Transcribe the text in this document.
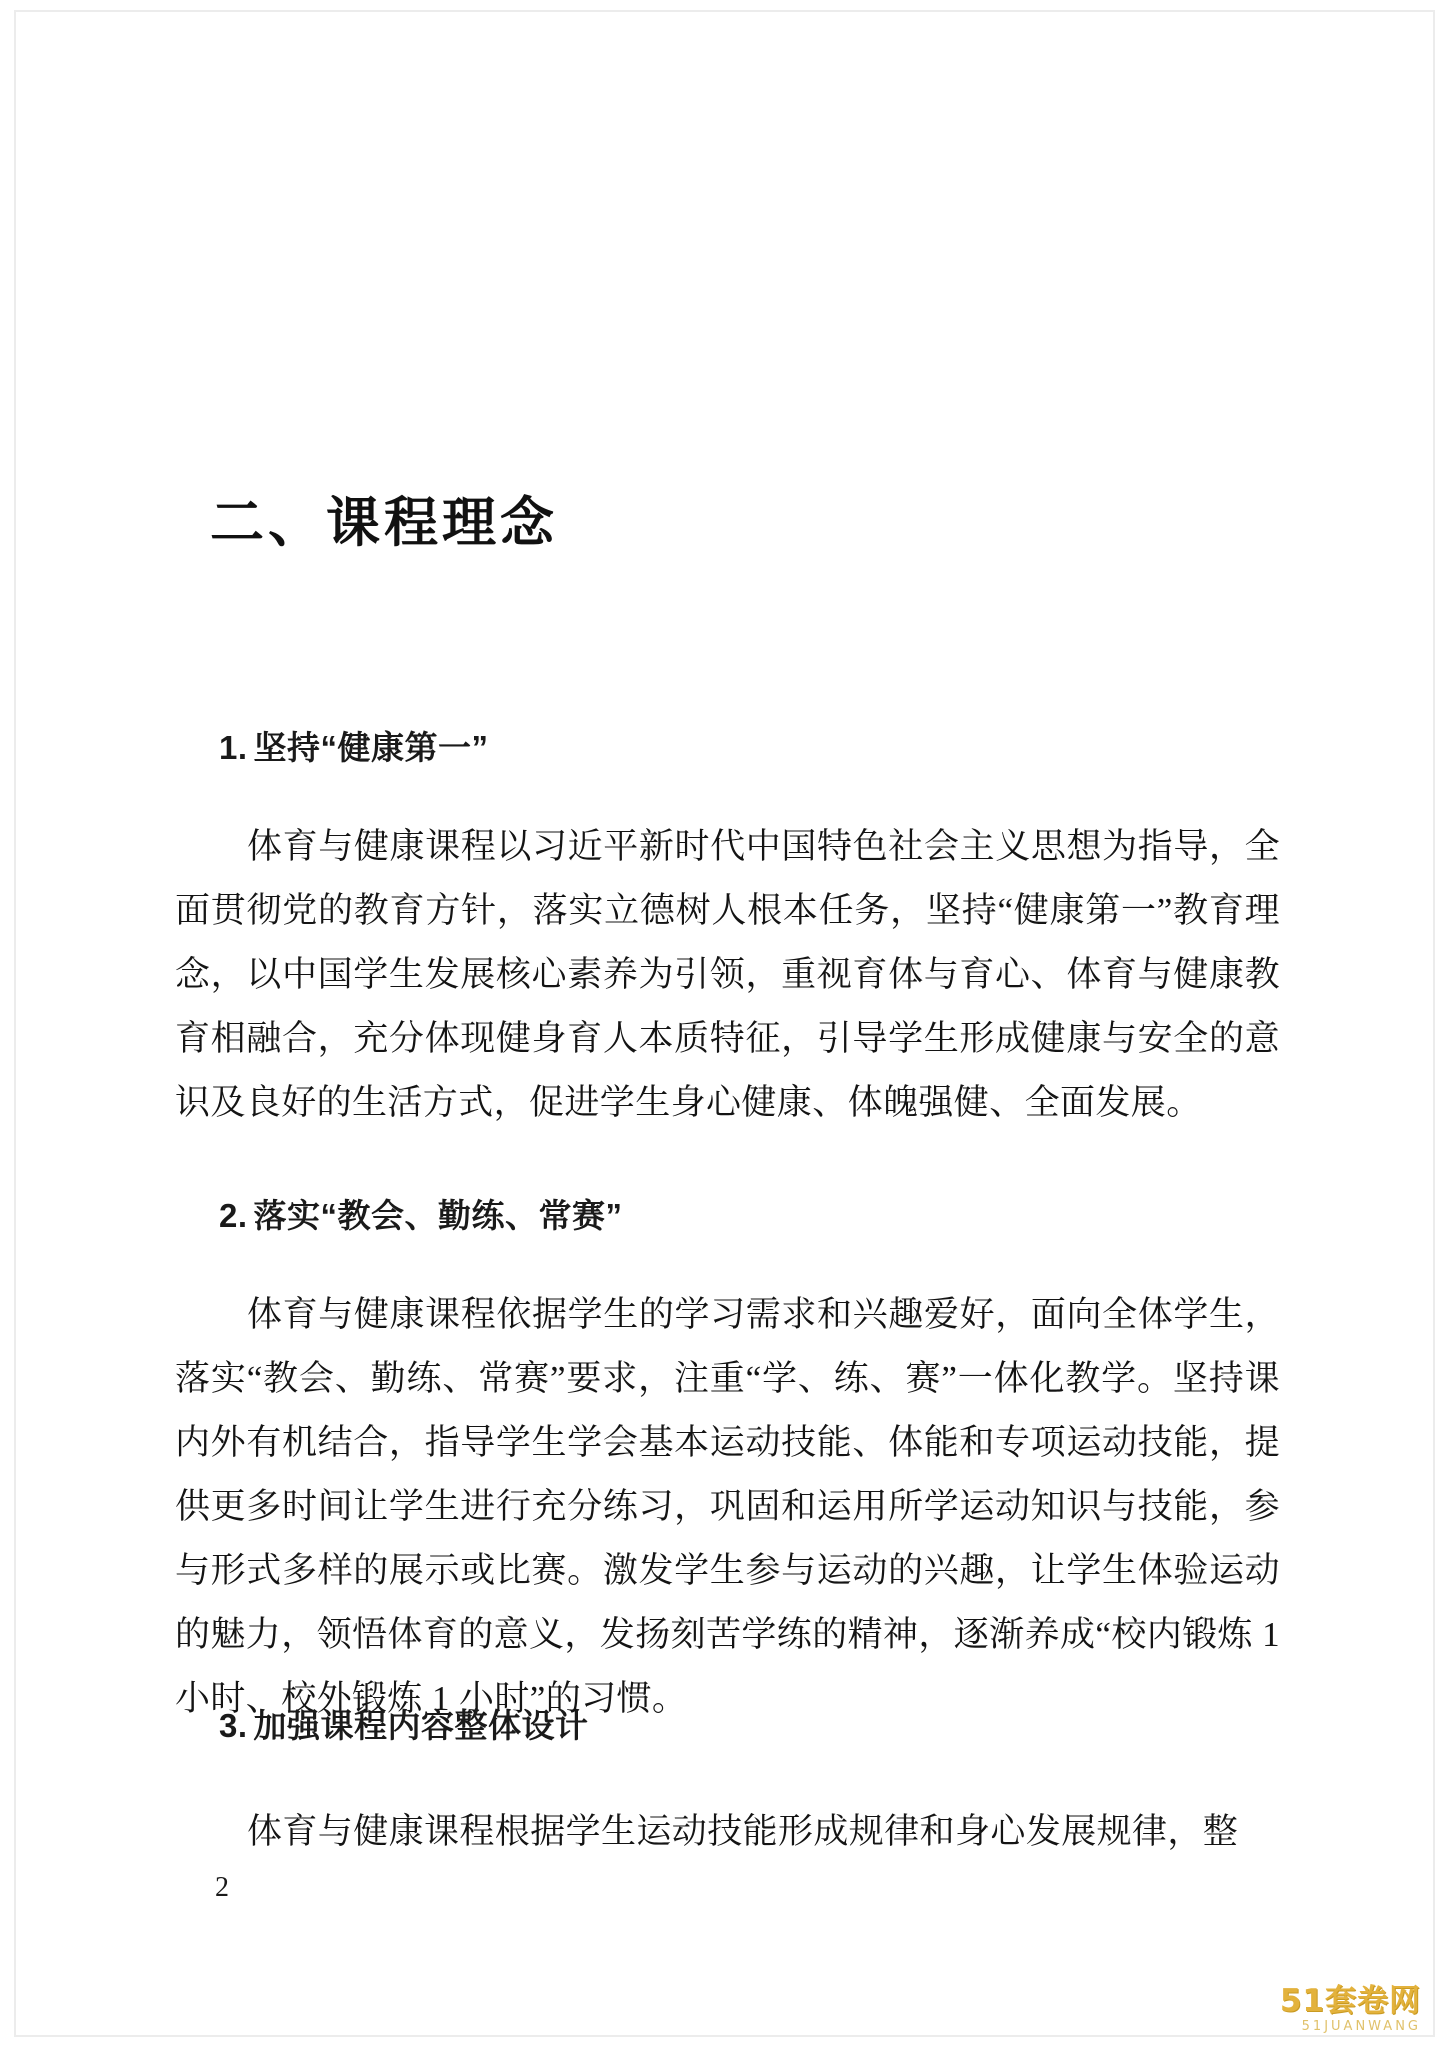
二、课程理念
1. 坚持“健康第一”

体育与健康课程以习近平新时代中国特色社会主义思想为指导，全面贯彻党的教育方针，落实立德树人根本任务，坚持“健康第一”教育理念，以中国学生发展核心素养为引领，重视育体与育心、体育与健康教育相融合，充分体现健身育人本质特征，引导学生形成健康与安全的意识及良好的生活方式，促进学生身心健康、体魄强健、全面发展。

2. 落实“教会、勤练、常赛”

体育与健康课程依据学生的学习需求和兴趣爱好，面向全体学生，落实“教会、勤练、常赛”要求，注重“学、练、赛”一体化教学。坚持课内外有机结合，指导学生学会基本运动技能、体能和专项运动技能，提供更多时间让学生进行充分练习，巩固和运用所学运动知识与技能，参与形式多样的展示或比赛。激发学生参与运动的兴趣，让学生体验运动的魅力，领悟体育的意义，发扬刻苦学练的精神，逐渐养成“校内锻炼 1 小时、校外锻炼 1 小时”的习惯。

3. 加强课程内容整体设计

体育与健康课程根据学生运动技能形成规律和身心发展规律，整

2
51套卷网
51JUANWANG
